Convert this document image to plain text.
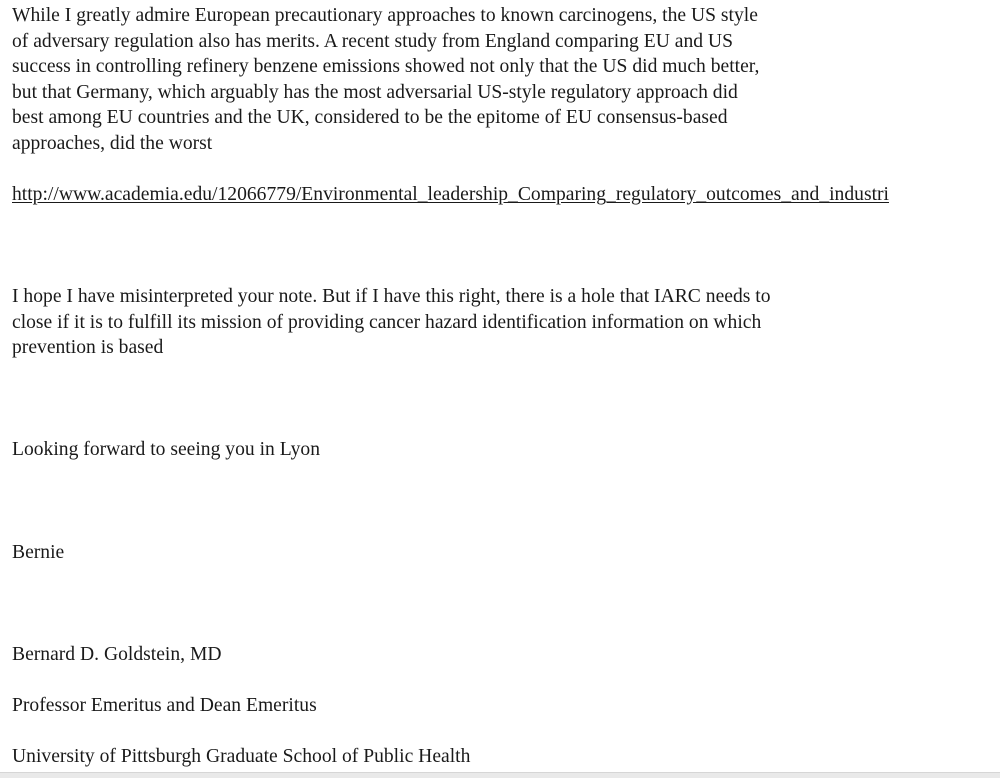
While I greatly admire European precautionary approaches to known carcinogens, the US style
of adversary regulation also has merits. A recent study from England comparing EU and US
success in controlling refinery benzene emissions showed not only that the US did much better,
but that Germany, which arguably has the most adversarial US-style regulatory approach did
best among EU countries and the UK, considered to be the epitome of EU consensus-based
approaches, did the worst
http://www.academia.edu/12066779/Environmental_leadership_Comparing_regulatory_outcomes_and_industri
I hope I have misinterpreted your note. But if I have this right, there is a hole that IARC needs to
close if it is to fulfill its mission of providing cancer hazard identification information on which
prevention is based
Looking forward to seeing you in Lyon
Bernie
Bernard D. Goldstein, MD
Professor Emeritus and Dean Emeritus
University of Pittsburgh Graduate School of Public Health
